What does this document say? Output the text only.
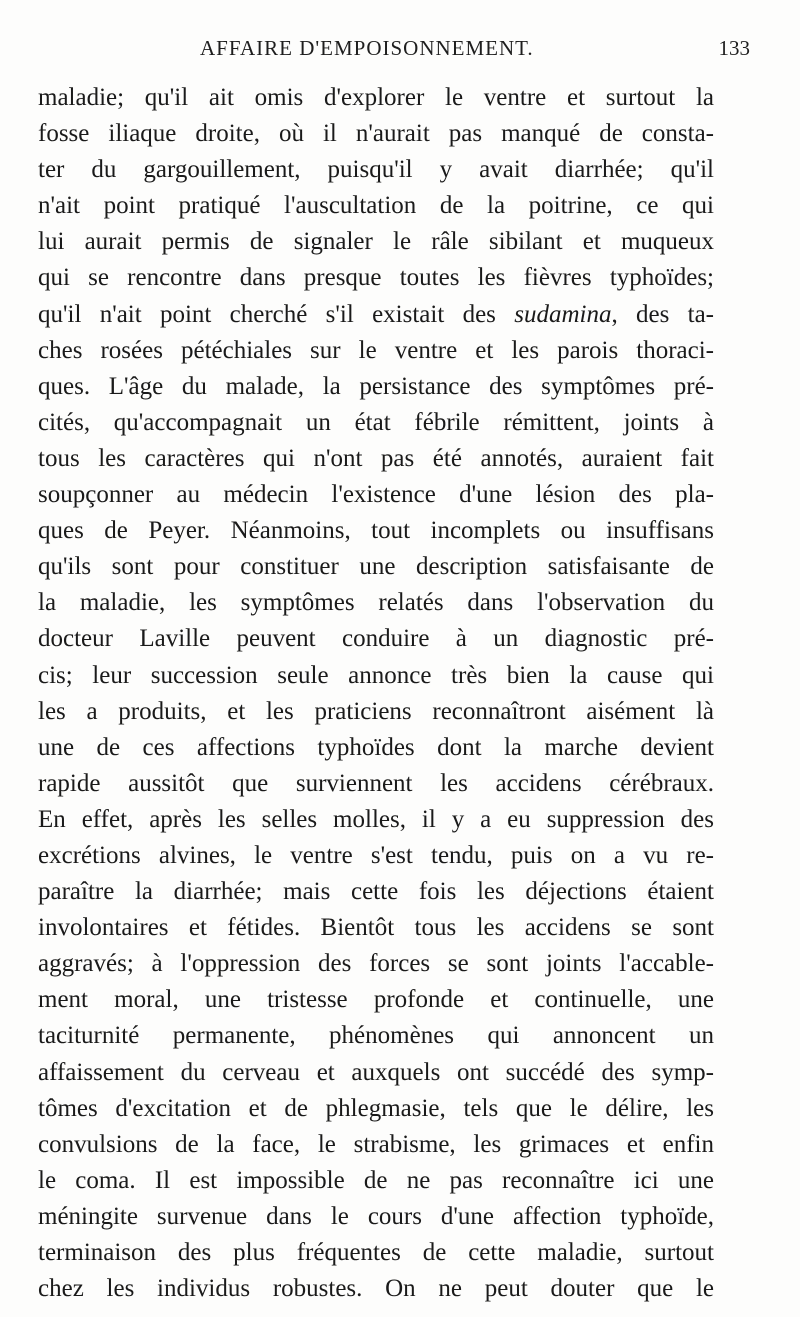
AFFAIRE D'EMPOISONNEMENT.	133
maladie; qu'il ait omis d'explorer le ventre et surtout la
fosse iliaque droite, où il n'aurait pas manqué de consta-
ter du gargouillement, puisqu'il y avait diarrhée; qu'il
n'ait point pratiqué l'auscultation de la poitrine, ce qui
lui aurait permis de signaler le râle sibilant et muqueux
qui se rencontre dans presque toutes les fièvres typhoïdes;
qu'il n'ait point cherché s'il existait des sudamina, des ta-
ches rosées pétéchiales sur le ventre et les parois thoraci-
ques. L'âge du malade, la persistance des symptômes pré-
cités, qu'accompagnait un état fébrile rémittent, joints à
tous les caractères qui n'ont pas été annotés, auraient fait
soupçonner au médecin l'existence d'une lésion des pla-
ques de Peyer. Néanmoins, tout incomplets ou insuffisans
qu'ils sont pour constituer une description satisfaisante de
la maladie, les symptômes relatés dans l'observation du
docteur Laville peuvent conduire à un diagnostic pré-
cis; leur succession seule annonce très bien la cause qui
les a produits, et les praticiens reconnaîtront aisément là
une de ces affections typhoïdes dont la marche devient
rapide aussitôt que surviennent les accidens cérébraux.
En effet, après les selles molles, il y a eu suppression des
excrétions alvines, le ventre s'est tendu, puis on a vu re-
paraître la diarrhée; mais cette fois les déjections étaient
involontaires et fétides. Bientôt tous les accidens se sont
aggravés; à l'oppression des forces se sont joints l'accable-
ment moral, une tristesse profonde et continuelle, une
taciturnité permanente, phénomènes qui annoncent un
affaissement du cerveau et auxquels ont succédé des symp-
tômes d'excitation et de phlegmasie, tels que le délire, les
convulsions de la face, le strabisme, les grimaces et enfin
le coma. Il est impossible de ne pas reconnaître ici une
méningite survenue dans le cours d'une affection typhoïde,
terminaison des plus fréquentes de cette maladie, surtout
chez les individus robustes. On ne peut douter que le
